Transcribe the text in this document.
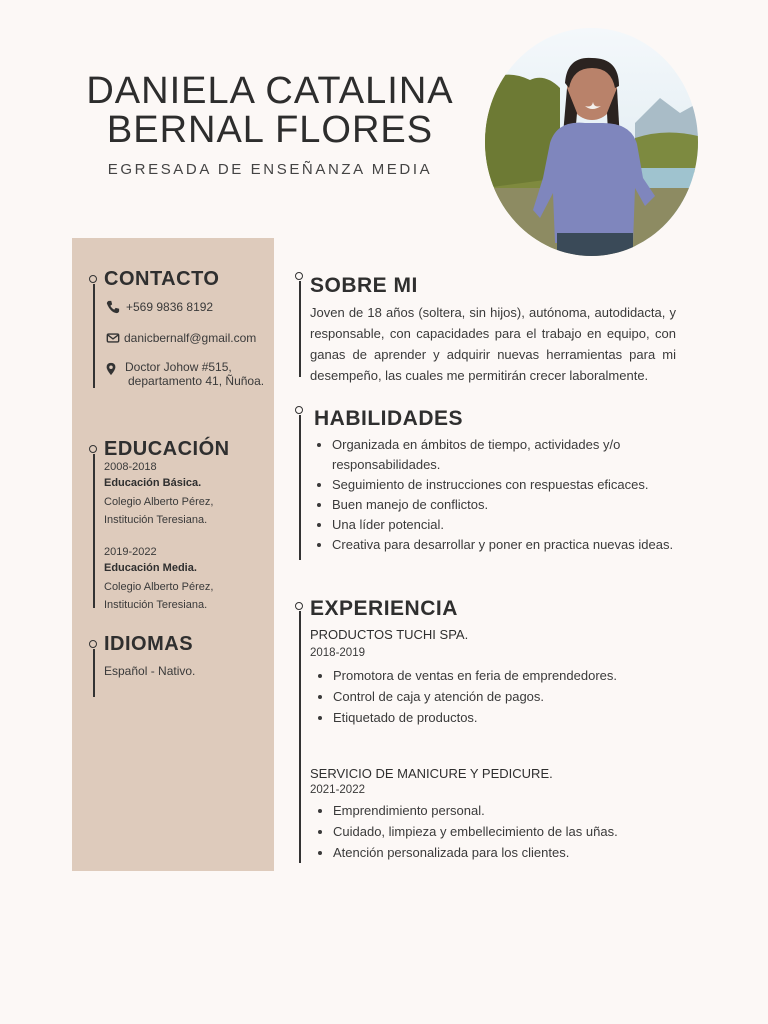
DANIELA CATALINA
BERNAL FLORES

EGRESADA DE ENSEÑANZA MEDIA

CONTACTO
+569 9836 8192
danicbernalf@gmail.com
Doctor Johow #515,
departamento 41, Ñuñoa.
EDUCACIÓN
2008-2018
Educación Básica.
Colegio Alberto Pérez,
Institución Teresiana.
2019-2022
Educación Media.
Colegio Alberto Pérez,
Institución Teresiana.
IDIOMAS
Español - Nativo.
SOBRE MI

Joven de 18 años (soltera, sin hijos), autónoma, autodidacta, y responsable, con capacidades para el trabajo en equipo, con ganas de aprender y adquirir nuevas herramientas para mi desempeño, las cuales me permitirán crecer laboralmente.

HABILIDADES
• Organizada en ámbitos de tiempo, actividades y/o responsabilidades.
• Seguimiento de instrucciones con respuestas eficaces.
• Buen manejo de conflictos.
• Una líder potencial.
• Creativa para desarrollar y poner en practica nuevas ideas.
EXPERIENCIA
PRODUCTOS TUCHI SPA.
2018-2019
• Promotora de ventas en feria de emprendedores.
• Control de caja y atención de pagos.
• Etiquetado de productos.
SERVICIO DE MANICURE Y PEDICURE.
2021-2022
• Emprendimiento personal.
• Cuidado, limpieza y embellecimiento de las uñas.
• Atención personalizada para los clientes.
